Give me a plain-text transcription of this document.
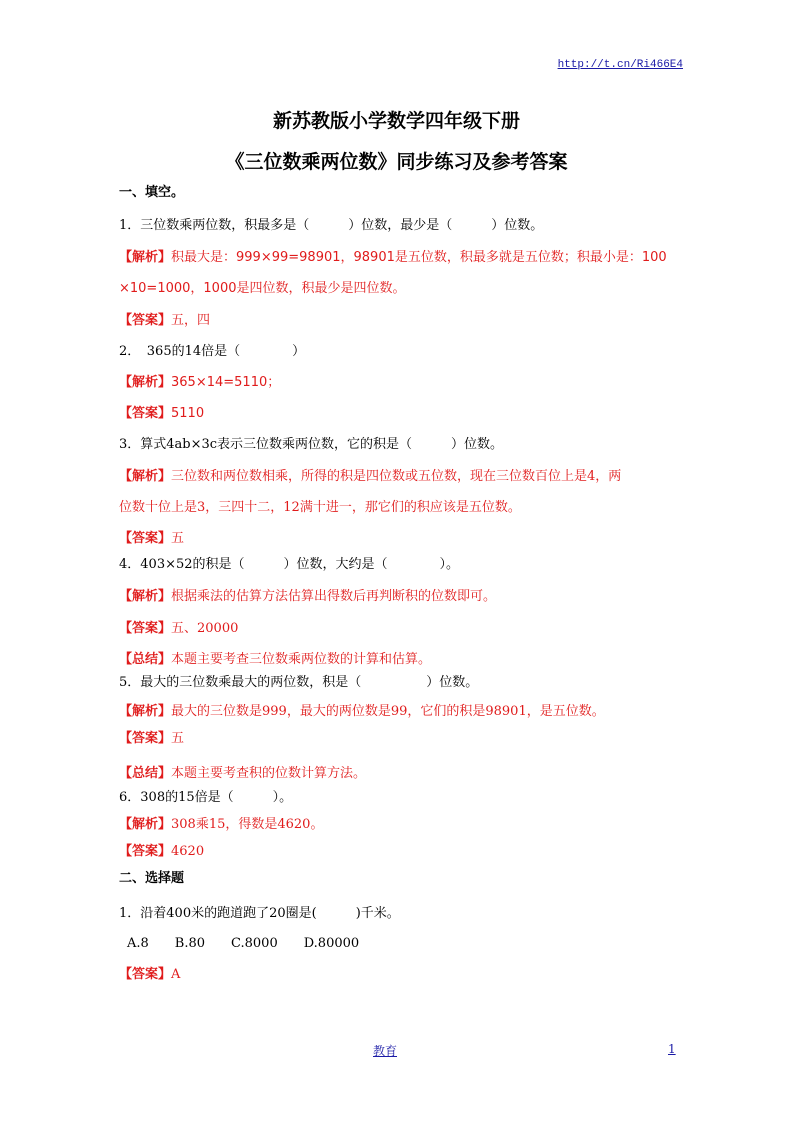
http://t.cn/Ri466E4
新苏教版小学数学四年级下册
《三位数乘两位数》同步练习及参考答案
一、填空。
1．三位数乘两位数，积最多是（　　　）位数，最少是（　　　）位数。
【解析】积最大是：999×99=98901，98901是五位数，积最多就是五位数；积最小是：100
×10=1000，1000是四位数，积最少是四位数。
【答案】五，四
2．　365的14倍是（　　　　）
【解析】365×14=5110；
【答案】5110
3．算式4ab×3c表示三位数乘两位数，它的积是（　　　）位数。
【解析】三位数和两位数相乘，所得的积是四位数或五位数，现在三位数百位上是4，两
位数十位上是3，三四十二，12满十进一，那它们的积应该是五位数。
【答案】五
4．403×52的积是（　　　）位数，大约是（　　　　）。
【解析】根据乘法的估算方法估算出得数后再判断积的位数即可。
【答案】五、20000
【总结】本题主要考查三位数乘两位数的计算和估算。
5．最大的三位数乘最大的两位数，积是（　　　　　）位数。
【解析】最大的三位数是999，最大的两位数是99，它们的积是98901，是五位数。
【答案】五
【总结】本题主要考查积的位数计算方法。
6．308的15倍是（　　　）。
【解析】308乘15，得数是4620。
【答案】4620
二、选择题
1．沿着400米的跑道跑了20圈是(　　　)千米。
A.8　　B.80　　C.8000　　D.80000
【答案】A
教育	1
